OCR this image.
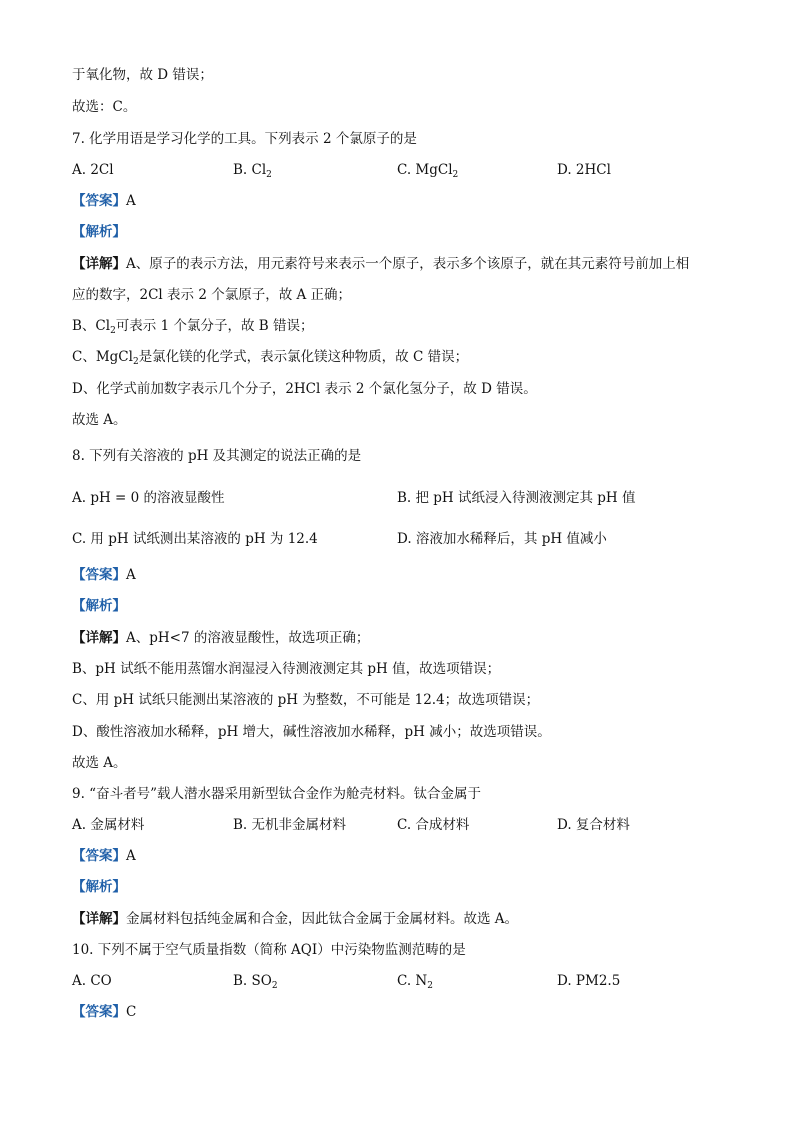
于氧化物，故 D 错误；
故选：C。
7. 化学用语是学习化学的工具。下列表示 2 个氯原子的是
A. 2Cl	B. $Cl_2$	C. MgCl$_2$	D. 2HCl
【答案】A
【解析】
【详解】A、原子的表示方法，用元素符号来表示一个原子，表示多个该原子，就在其元素符号前加上相
应的数字，2Cl 表示 2 个氯原子，故 A 正确；
B、$Cl_2$可表示 1 个氯分子，故 B 错误；
C、MgCl$_2$是氯化镁的化学式，表示氯化镁这种物质，故 C 错误；
D、化学式前加数字表示几个分子，2HCl 表示 2 个氯化氢分子，故 D 错误。
故选 A。
8. 下列有关溶液的 pH 及其测定的说法正确的是
A. pH = 0 的溶液显酸性	B. 把 pH 试纸浸入待测液测定其 pH 值
C. 用 pH 试纸测出某溶液的 pH 为 12.4	D. 溶液加水稀释后，其 pH 值减小
【答案】A
【解析】
【详解】A、pH<7 的溶液显酸性，故选项正确；
B、pH 试纸不能用蒸馏水润湿浸入待测液测定其 pH 值，故选项错误；
C、用 pH 试纸只能测出某溶液的 pH 为整数，不可能是 12.4；故选项错误；
D、酸性溶液加水稀释，pH 增大，碱性溶液加水稀释，pH 减小；故选项错误。
故选 A。
9. “奋斗者号”载人潜水器采用新型钛合金作为舱壳材料。钛合金属于
A. 金属材料	B. 无机非金属材料	C. 合成材料	D. 复合材料
【答案】A
【解析】
【详解】金属材料包括纯金属和合金，因此钛合金属于金属材料。故选 A。
10. 下列不属于空气质量指数（简称 AQI）中污染物监测范畴的是
A. CO	B. $SO_2$	C. $N_2$	D. PM2.5
【答案】C
